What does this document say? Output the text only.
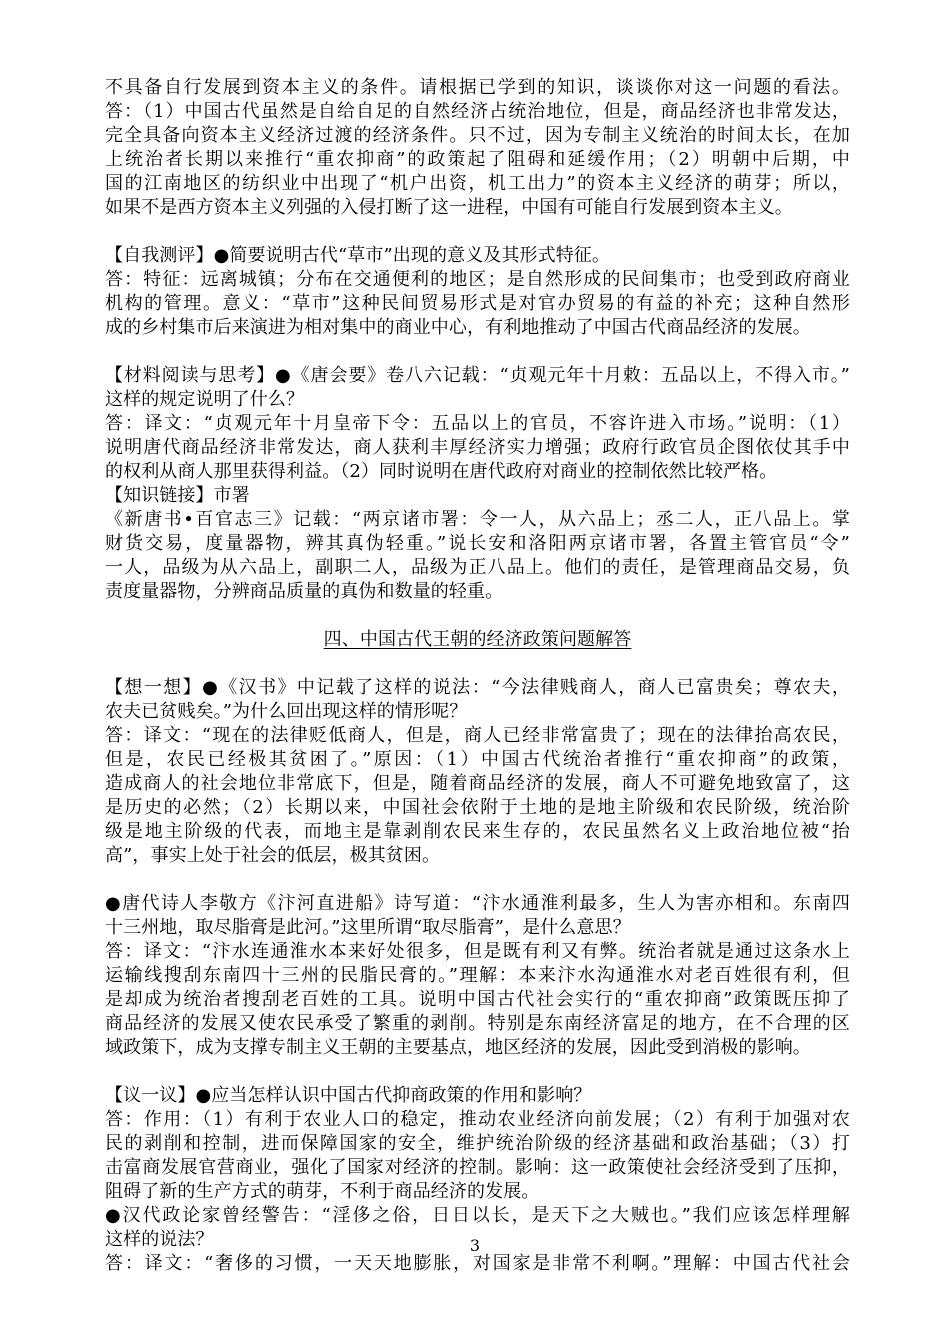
不具备自行发展到资本主义的条件。请根据已学到的知识，谈谈你对这一问题的看法。
答：（1）中国古代虽然是自给自足的自然经济占统治地位，但是，商品经济也非常发达，
完全具备向资本主义经济过渡的经济条件。只不过，因为专制主义统治的时间太长，在加
上统治者长期以来推行“重农抑商”的政策起了阻碍和延缓作用；（2）明朝中后期，中
国的江南地区的纺织业中出现了“机户出资，机工出力”的资本主义经济的萌芽；所以，
如果不是西方资本主义列强的入侵打断了这一进程，中国有可能自行发展到资本主义。
【自我测评】●简要说明古代“草市”出现的意义及其形式特征。
答：特征：远离城镇；分布在交通便利的地区；是自然形成的民间集市；也受到政府商业
机构的管理。意义：“草市”这种民间贸易形式是对官办贸易的有益的补充；这种自然形
成的乡村集市后来演进为相对集中的商业中心，有利地推动了中国古代商品经济的发展。
【材料阅读与思考】●《唐会要》卷八六记载：“贞观元年十月敕：五品以上，不得入市。”
这样的规定说明了什么？
答：译文：“贞观元年十月皇帝下令：五品以上的官员，不容许进入市场。”说明：（1）
说明唐代商品经济非常发达，商人获利丰厚经济实力增强；政府行政官员企图依仗其手中
的权利从商人那里获得利益。（2）同时说明在唐代政府对商业的控制依然比较严格。
【知识链接】市署
《新唐书•百官志三》记载：“两京诸市署：令一人，从六品上；丞二人，正八品上。掌
财货交易，度量器物，辨其真伪轻重。”说长安和洛阳两京诸市署，各置主管官员“令”
一人，品级为从六品上，副职二人，品级为正八品上。他们的责任，是管理商品交易，负
责度量器物，分辨商品质量的真伪和数量的轻重。
四、中国古代王朝的经济政策问题解答
【想一想】●《汉书》中记载了这样的说法：“今法律贱商人，商人已富贵矣；尊农夫，
农夫已贫贱矣。”为什么回出现这样的情形呢？
答：译文：“现在的法律贬低商人，但是，商人已经非常富贵了；现在的法律抬高农民，
但是，农民已经极其贫困了。”原因：（1）中国古代统治者推行“重农抑商”的政策，
造成商人的社会地位非常底下，但是，随着商品经济的发展，商人不可避免地致富了，这
是历史的必然；（2）长期以来，中国社会依附于土地的是地主阶级和农民阶级，统治阶
级是地主阶级的代表，而地主是靠剥削农民来生存的，农民虽然名义上政治地位被“抬
高”，事实上处于社会的低层，极其贫困。
●唐代诗人李敬方《汴河直进船》诗写道：“汴水通淮利最多，生人为害亦相和。东南四
十三州地，取尽脂膏是此河。”这里所谓“取尽脂膏”，是什么意思？
答：译文：“汴水连通淮水本来好处很多，但是既有利又有弊。统治者就是通过这条水上
运输线搜刮东南四十三州的民脂民膏的。”理解：本来汴水沟通淮水对老百姓很有利，但
是却成为统治者搜刮老百姓的工具。说明中国古代社会实行的“重农抑商”政策既压抑了
商品经济的发展又使农民承受了繁重的剥削。特别是东南经济富足的地方，在不合理的区
域政策下，成为支撑专制主义王朝的主要基点，地区经济的发展，因此受到消极的影响。
【议一议】●应当怎样认识中国古代抑商政策的作用和影响？
答：作用：（1）有利于农业人口的稳定，推动农业经济向前发展；（2）有利于加强对农
民的剥削和控制，进而保障国家的安全，维护统治阶级的经济基础和政治基础；（3）打
击富商发展官营商业，强化了国家对经济的控制。影响：这一政策使社会经济受到了压抑，
阻碍了新的生产方式的萌芽，不利于商品经济的发展。
●汉代政论家曾经警告：“淫侈之俗，日日以长，是天下之大贼也。”我们应该怎样理解
这样的说法？
答：译文：“奢侈的习惯，一天天地膨胀，对国家是非常不利啊。”理解：中国古代社会
3
